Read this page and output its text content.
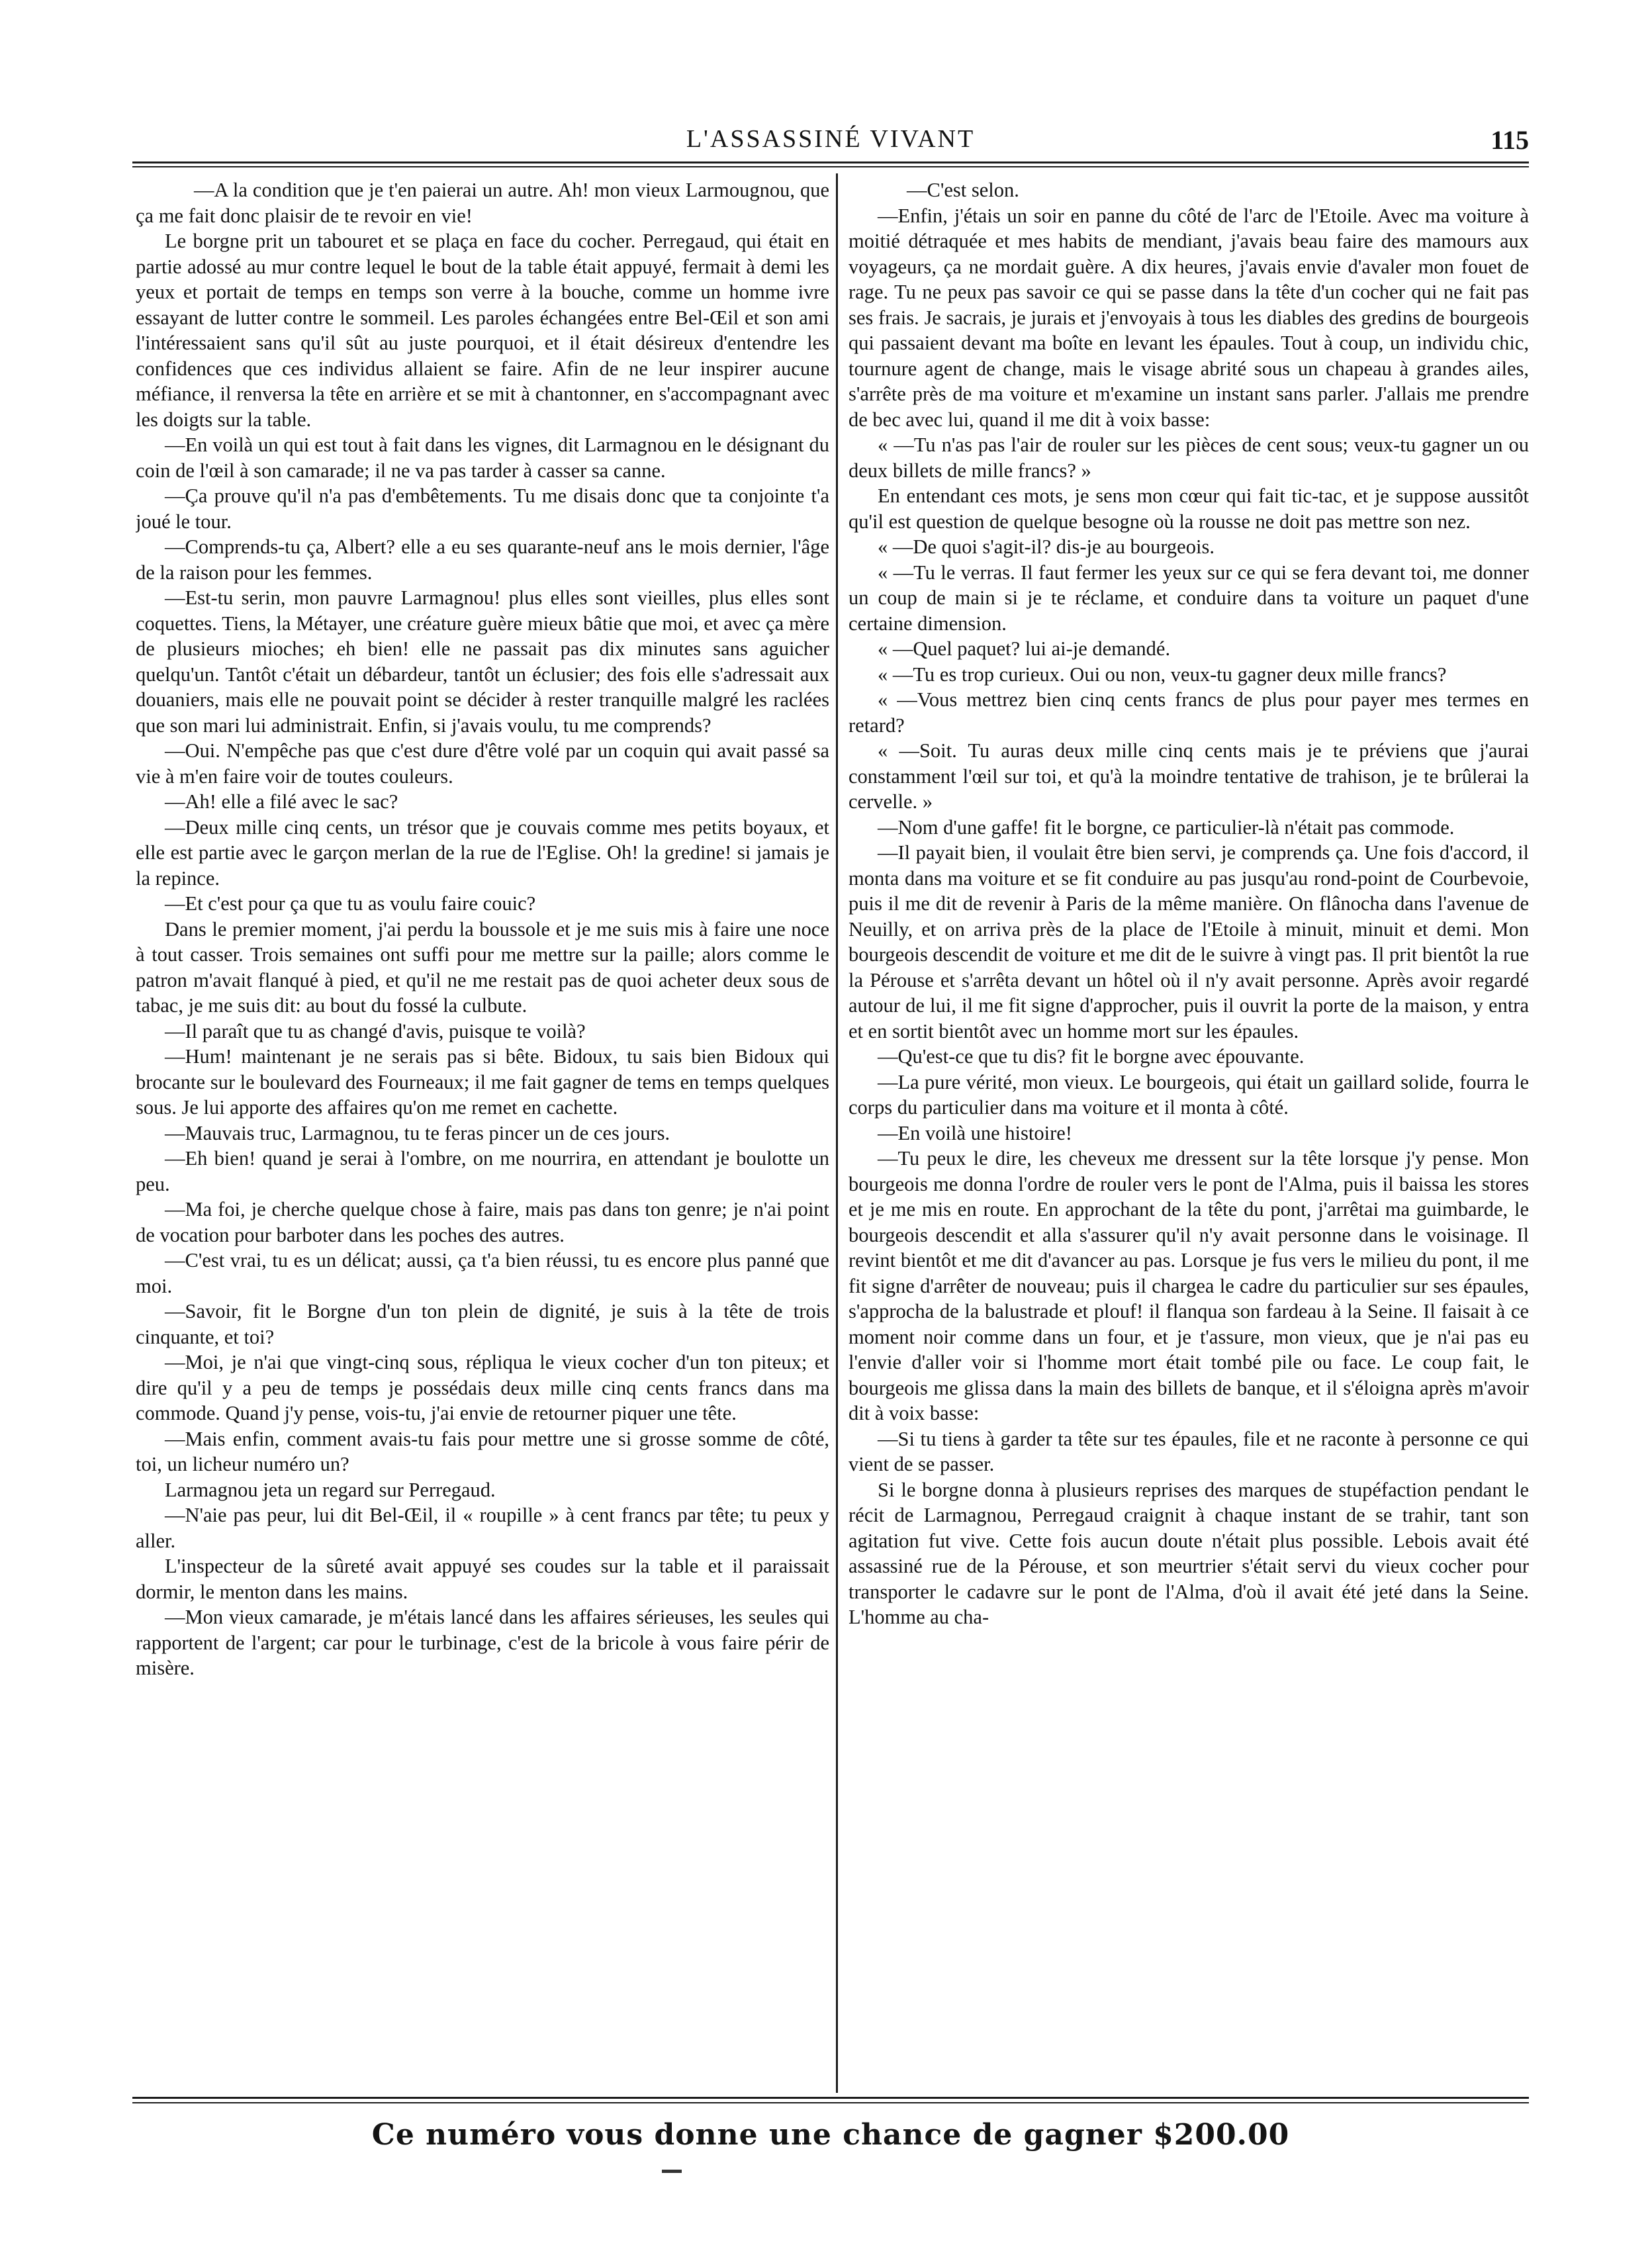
L'ASSASSINÉ VIVANT	115

—A la condition que je t'en paierai un autre. Ah! mon vieux Larmougnou, que ça me fait donc plaisir de te revoir en vie!

Le borgne prit un tabouret et se plaça en face du cocher. Perregaud, qui était en partie adossé au mur contre lequel le bout de la table était appuyé, fermait à demi les yeux et portait de temps en temps son verre à la bouche, comme un homme ivre essayant de lutter contre le sommeil. Les paroles échangées entre Bel-Œil et son ami l'intéressaient sans qu'il sût au juste pourquoi, et il était désireux d'entendre les confidences que ces individus allaient se faire. Afin de ne leur inspirer aucune méfiance, il renversa la tête en arrière et se mit à chantonner, en s'accompagnant avec les doigts sur la table.

—En voilà un qui est tout à fait dans les vignes, dit Larmagnou en le désignant du coin de l'œil à son camarade; il ne va pas tarder à casser sa canne.

—Ça prouve qu'il n'a pas d'embêtements. Tu me disais donc que ta conjointe t'a joué le tour.

—Comprends-tu ça, Albert? elle a eu ses quarante-neuf ans le mois dernier, l'âge de la raison pour les femmes.

—Est-tu serin, mon pauvre Larmagnou! plus elles sont vieilles, plus elles sont coquettes. Tiens, la Métayer, une créature guère mieux bâtie que moi, et avec ça mère de plusieurs mioches; eh bien! elle ne passait pas dix minutes sans aguicher quelqu'un. Tantôt c'était un débardeur, tantôt un éclusier; des fois elle s'adressait aux douaniers, mais elle ne pouvait point se décider à rester tranquille malgré les raclées que son mari lui administrait. Enfin, si j'avais voulu, tu me comprends?

—Oui. N'empêche pas que c'est dure d'être volé par un coquin qui avait passé sa vie à m'en faire voir de toutes couleurs.

—Ah! elle a filé avec le sac?

—Deux mille cinq cents, un trésor que je couvais comme mes petits boyaux, et elle est partie avec le garçon merlan de la rue de l'Eglise. Oh! la gredine! si jamais je la repince.

—Et c'est pour ça que tu as voulu faire couic?

Dans le premier moment, j'ai perdu la boussole et je me suis mis à faire une noce à tout casser. Trois semaines ont suffi pour me mettre sur la paille; alors comme le patron m'avait flanqué à pied, et qu'il ne me restait pas de quoi acheter deux sous de tabac, je me suis dit: au bout du fossé la culbute.

—Il paraît que tu as changé d'avis, puisque te voilà?

—Hum! maintenant je ne serais pas si bête. Bidoux, tu sais bien Bidoux qui brocante sur le boulevard des Fourneaux; il me fait gagner de tems en temps quelques sous. Je lui apporte des affaires qu'on me remet en cachette.

—Mauvais truc, Larmagnou, tu te feras pincer un de ces jours.

—Eh bien! quand je serai à l'ombre, on me nourrira, en attendant je boulotte un peu.

—Ma foi, je cherche quelque chose à faire, mais pas dans ton genre; je n'ai point de vocation pour barboter dans les poches des autres.

—C'est vrai, tu es un délicat; aussi, ça t'a bien réussi, tu es encore plus panné que moi.

—Savoir, fit le Borgne d'un ton plein de dignité, je suis à la tête de trois cinquante, et toi?

—Moi, je n'ai que vingt-cinq sous, répliqua le vieux cocher d'un ton piteux; et dire qu'il y a peu de temps je possédais deux mille cinq cents francs dans ma commode. Quand j'y pense, vois-tu, j'ai envie de retourner piquer une tête.

—Mais enfin, comment avais-tu fais pour mettre une si grosse somme de côté, toi, un licheur numéro un?

Larmagnou jeta un regard sur Perregaud.

—N'aie pas peur, lui dit Bel-Œil, il « roupille » à cent francs par tête; tu peux y aller.

L'inspecteur de la sûreté avait appuyé ses coudes sur la table et il paraissait dormir, le menton dans les mains.

—Mon vieux camarade, je m'étais lancé dans les affaires sérieuses, les seules qui rapportent de l'argent; car pour le turbinage, c'est de la bricole à vous faire périr de misère.

—C'est selon.

—Enfin, j'étais un soir en panne du côté de l'arc de l'Etoile. Avec ma voiture à moitié détraquée et mes habits de mendiant, j'avais beau faire des mamours aux voyageurs, ça ne mordait guère. A dix heures, j'avais envie d'avaler mon fouet de rage. Tu ne peux pas savoir ce qui se passe dans la tête d'un cocher qui ne fait pas ses frais. Je sacrais, je jurais et j'envoyais à tous les diables des gredins de bourgeois qui passaient devant ma boîte en levant les épaules. Tout à coup, un individu chic, tournure agent de change, mais le visage abrité sous un chapeau à grandes ailes, s'arrête près de ma voiture et m'examine un instant sans parler. J'allais me prendre de bec avec lui, quand il me dit à voix basse:

« —Tu n'as pas l'air de rouler sur les pièces de cent sous; veux-tu gagner un ou deux billets de mille francs? »

En entendant ces mots, je sens mon cœur qui fait tic-tac, et je suppose aussitôt qu'il est question de quelque besogne où la rousse ne doit pas mettre son nez.

« —De quoi s'agit-il? dis-je au bourgeois.

« —Tu le verras. Il faut fermer les yeux sur ce qui se fera devant toi, me donner un coup de main si je te réclame, et conduire dans ta voiture un paquet d'une certaine dimension.

« —Quel paquet? lui ai-je demandé.

« —Tu es trop curieux. Oui ou non, veux-tu gagner deux mille francs?

« —Vous mettrez bien cinq cents francs de plus pour payer mes termes en retard?

« —Soit. Tu auras deux mille cinq cents mais je te préviens que j'aurai constamment l'œil sur toi, et qu'à la moindre tentative de trahison, je te brûlerai la cervelle. »

—Nom d'une gaffe! fit le borgne, ce particulier-là n'était pas commode.

—Il payait bien, il voulait être bien servi, je comprends ça. Une fois d'accord, il monta dans ma voiture et se fit conduire au pas jusqu'au rond-point de Courbevoie, puis il me dit de revenir à Paris de la même manière. On flânocha dans l'avenue de Neuilly, et on arriva près de la place de l'Etoile à minuit, minuit et demi. Mon bourgeois descendit de voiture et me dit de le suivre à vingt pas. Il prit bientôt la rue la Pérouse et s'arrêta devant un hôtel où il n'y avait personne. Après avoir regardé autour de lui, il me fit signe d'approcher, puis il ouvrit la porte de la maison, y entra et en sortit bientôt avec un homme mort sur les épaules.

—Qu'est-ce que tu dis? fit le borgne avec épouvante.

—La pure vérité, mon vieux. Le bourgeois, qui était un gaillard solide, fourra le corps du particulier dans ma voiture et il monta à côté.

—En voilà une histoire!

—Tu peux le dire, les cheveux me dressent sur la tête lorsque j'y pense. Mon bourgeois me donna l'ordre de rouler vers le pont de l'Alma, puis il baissa les stores et je me mis en route. En approchant de la tête du pont, j'arrêtai ma guimbarde, le bourgeois descendit et alla s'assurer qu'il n'y avait personne dans le voisinage. Il revint bientôt et me dit d'avancer au pas. Lorsque je fus vers le milieu du pont, il me fit signe d'arrêter de nouveau; puis il chargea le cadre du particulier sur ses épaules, s'approcha de la balustrade et plouf! il flanqua son fardeau à la Seine. Il faisait à ce moment noir comme dans un four, et je t'assure, mon vieux, que je n'ai pas eu l'envie d'aller voir si l'homme mort était tombé pile ou face. Le coup fait, le bourgeois me glissa dans la main des billets de banque, et il s'éloigna après m'avoir dit à voix basse:

—Si tu tiens à garder ta tête sur tes épaules, file et ne raconte à personne ce qui vient de se passer.

Si le borgne donna à plusieurs reprises des marques de stupéfaction pendant le récit de Larmagnou, Perregaud craignit à chaque instant de se trahir, tant son agitation fut vive. Cette fois aucun doute n'était plus possible. Lebois avait été assassiné rue de la Pérouse, et son meurtrier s'était servi du vieux cocher pour transporter le cadavre sur le pont de l'Alma, d'où il avait été jeté dans la Seine. L'homme au cha-

Ce numéro vous donne une chance de gagner $200.00
